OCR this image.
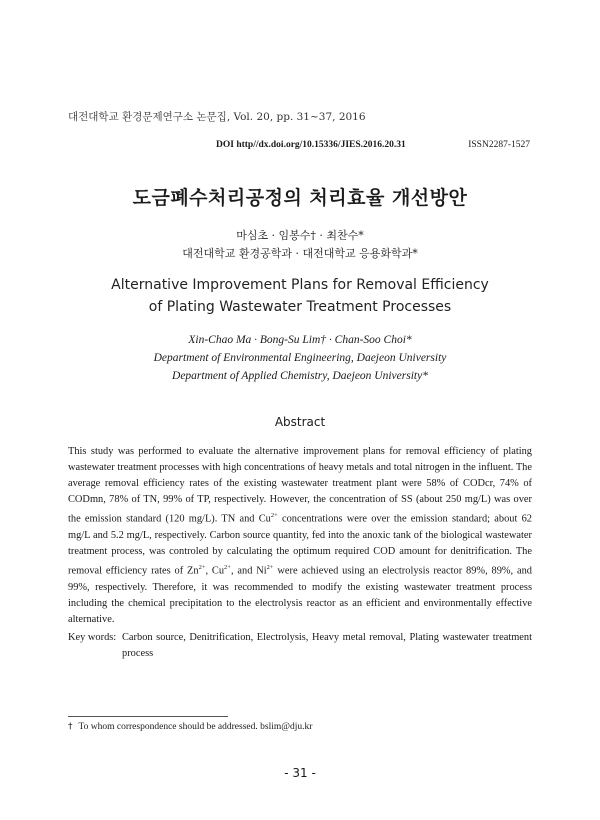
대전대학교 환경문제연구소 논문집, Vol. 20, pp. 31~37, 2016
DOI http//dx.doi.org/10.15336/JIES.2016.20.31	ISSN2287-1527
도금폐수처리공정의 처리효율 개선방안
마심초 · 임봉수† · 최찬수*
대전대학교 환경공학과 · 대전대학교 응용화학과*
Alternative Improvement Plans for Removal Efficiency
of Plating Wastewater Treatment Processes
Xin-Chao Ma · Bong-Su Lim† · Chan-Soo Choi*
Department of Environmental Engineering, Daejeon University
Department of Applied Chemistry, Daejeon University*
Abstract

This study was performed to evaluate the alternative improvement plans for removal efficiency of plating wastewater treatment processes with high concentrations of heavy metals and total nitrogen in the influent. The average removal efficiency rates of the existing wastewater treatment plant were 58% of CODcr, 74% of CODmn, 78% of TN, 99% of TP, respectively. However, the concentration of SS (about 250 mg/L) was over the emission standard (120 mg/L). TN and $Cu^{2+}$ concentrations were over the emission standard; about 62 mg/L and 5.2 mg/L, respectively. Carbon source quantity, fed into the anoxic tank of the biological wastewater treatment process, was controled by calculating the optimum required COD amount for denitrification. The removal efficiency rates of $Zn^{2+}$, $Cu^{2+}$, and $Ni^{2+}$ were achieved using an electrolysis reactor 89%, 89%, and 99%, respectively. Therefore, it was recommended to modify the existing wastewater treatment process including the chemical precipitation to the electrolysis reactor as an efficient and environmentally effective alternative.

Key words: Carbon source, Denitrification, Electrolysis, Heavy metal removal, Plating wastewater treatment process
† To whom correspondence should be addressed. bslim@dju.kr
- 31 -
